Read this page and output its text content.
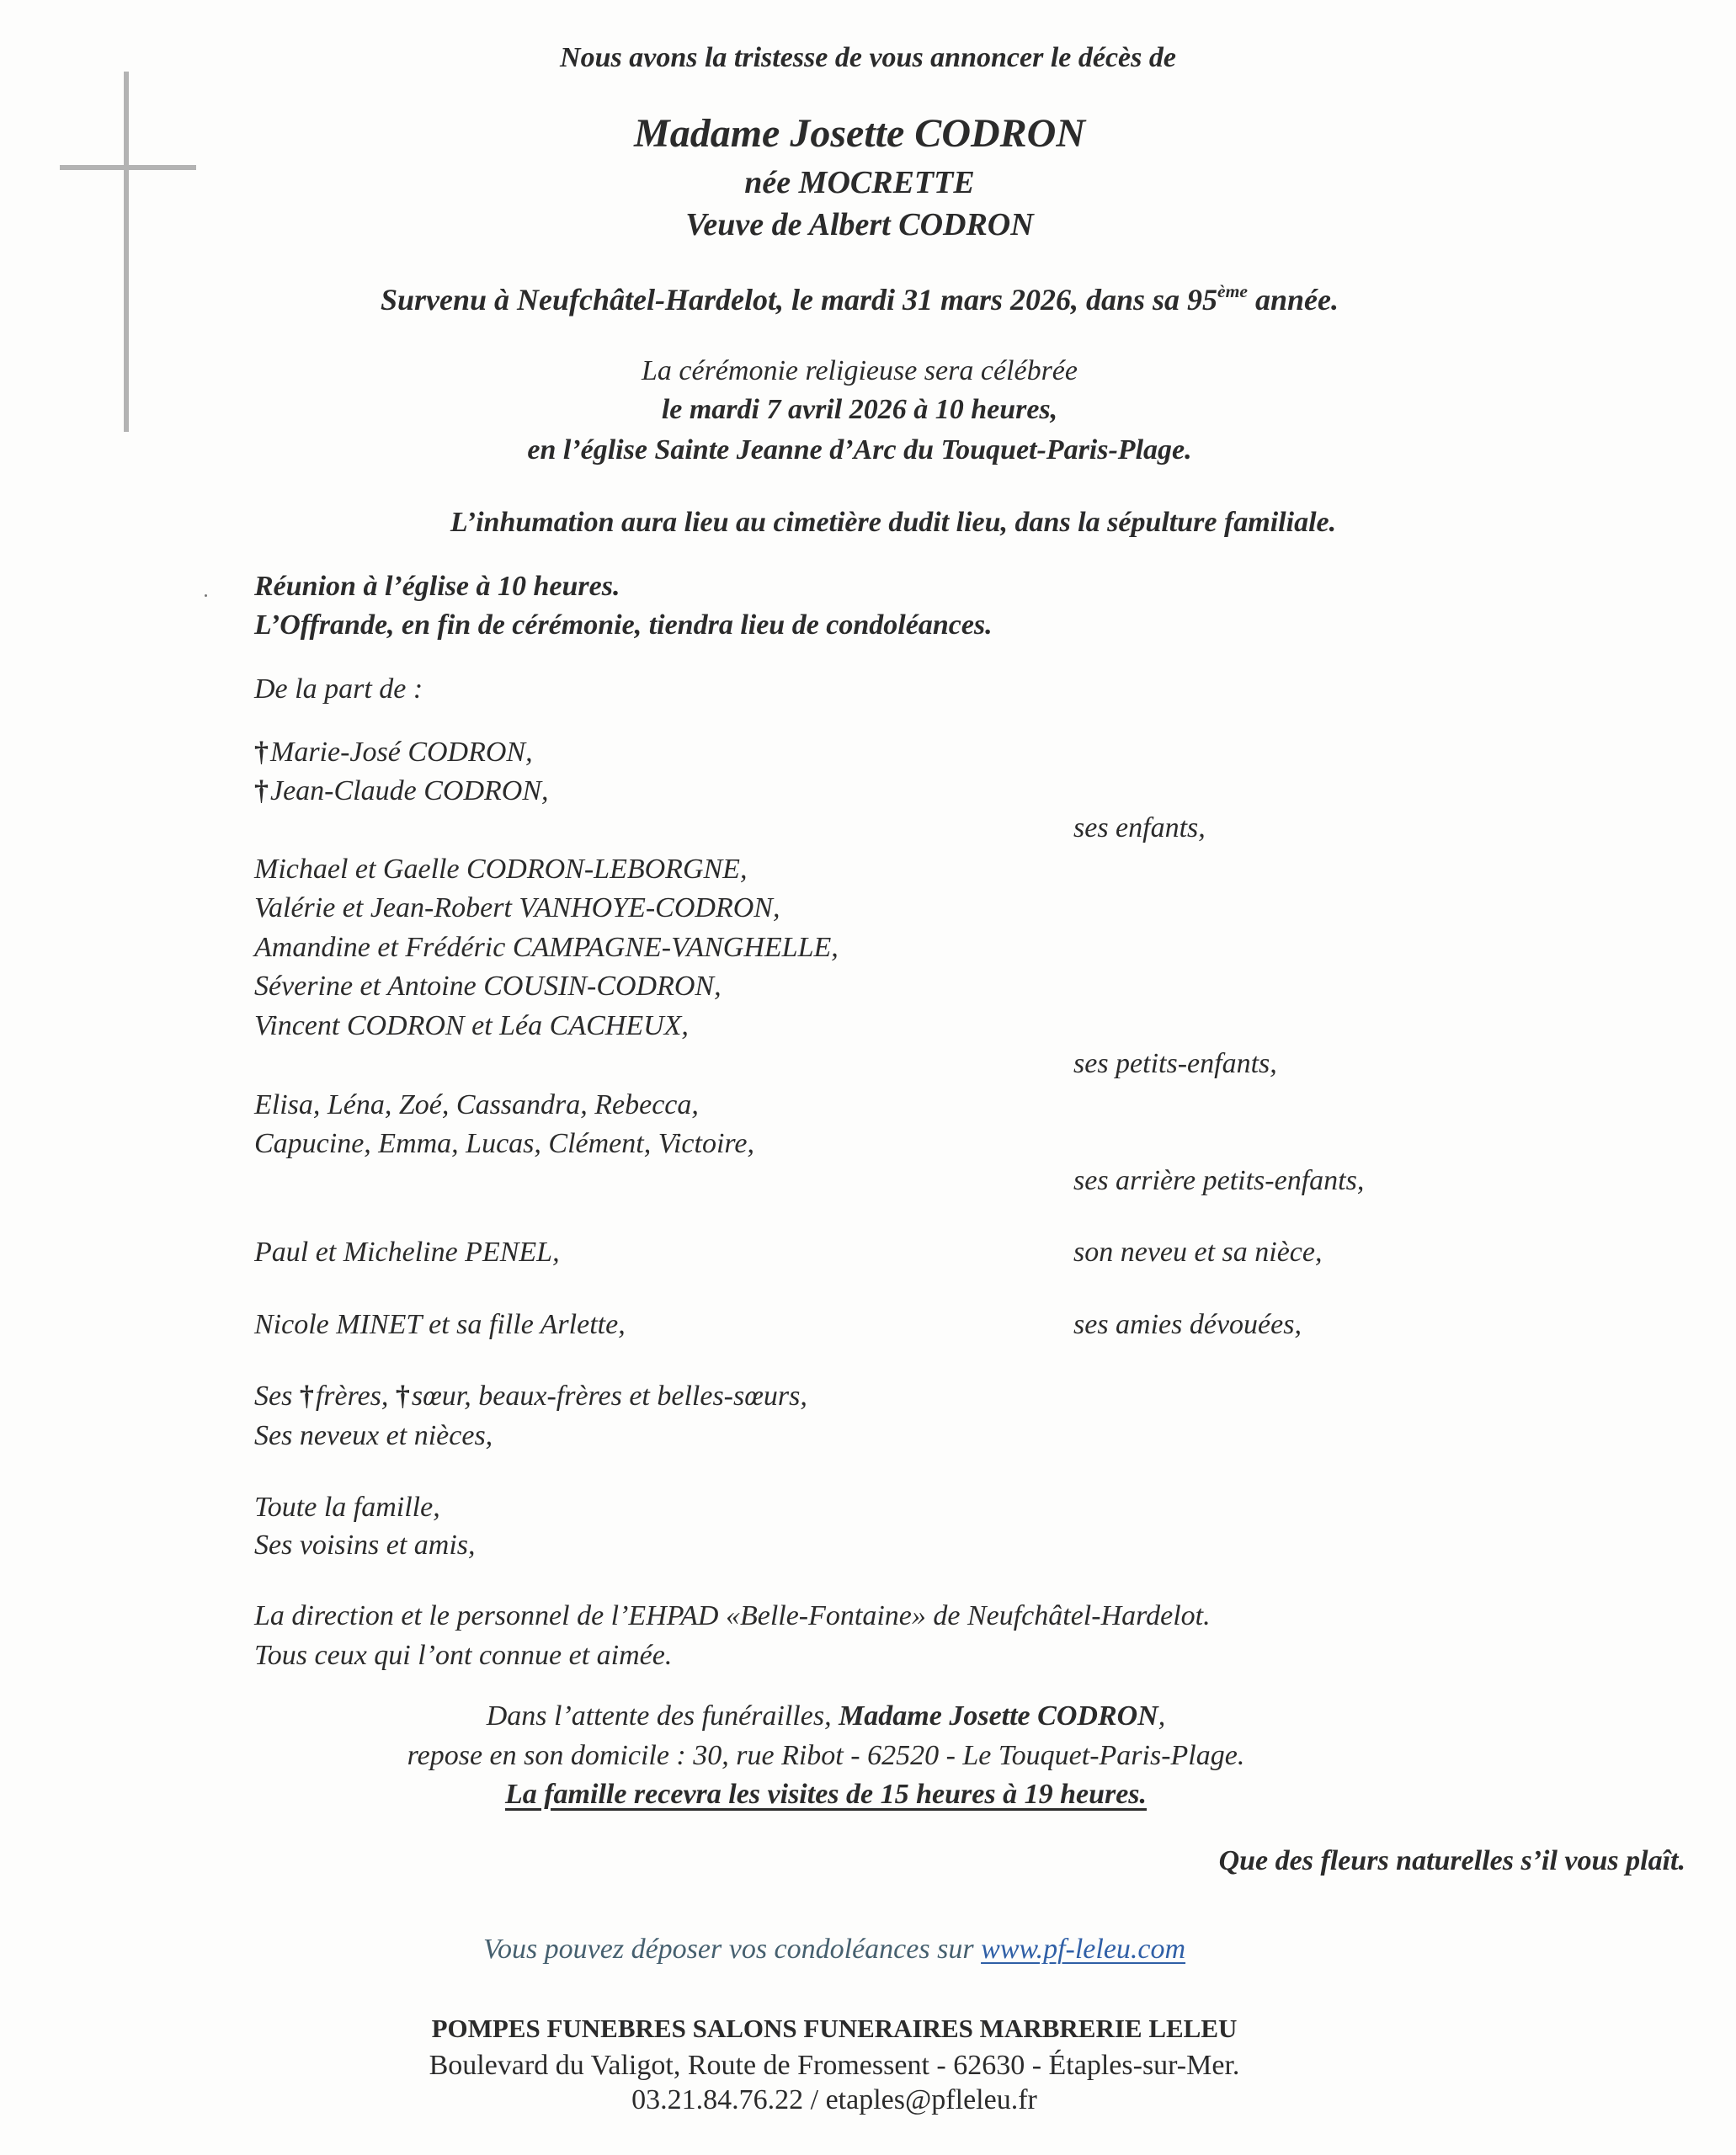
Nous avons la tristesse de vous annoncer le décès de
Madame Josette CODRON
née MOCRETTE
Veuve de Albert CODRON
Survenu à Neufchâtel-Hardelot, le mardi 31 mars 2026, dans sa 95ème année.
La cérémonie religieuse sera célébrée
le mardi 7 avril 2026 à 10 heures,
en l’église Sainte Jeanne d’Arc du Touquet-Paris-Plage.
L’inhumation aura lieu au cimetière dudit lieu, dans la sépulture familiale.
Réunion à l’église à 10 heures.
L’Offrande, en fin de cérémonie, tiendra lieu de condoléances.
De la part de :
†Marie-José CODRON,
†Jean-Claude CODRON,
ses enfants,
Michael et Gaelle CODRON-LEBORGNE,
Valérie et Jean-Robert VANHOYE-CODRON,
Amandine et Frédéric CAMPAGNE-VANGHELLE,
Séverine et Antoine COUSIN-CODRON,
Vincent CODRON et Léa CACHEUX,
ses petits-enfants,
Elisa, Léna, Zoé, Cassandra, Rebecca,
Capucine, Emma, Lucas, Clément, Victoire,
ses arrière petits-enfants,
Paul et Micheline PENEL,	son neveu et sa nièce,
Nicole MINET et sa fille Arlette,	ses amies dévouées,
Ses †frères, †sœur, beaux-frères et belles-sœurs,
Ses neveux et nièces,
Toute la famille,
Ses voisins et amis,
La direction et le personnel de l’EHPAD «Belle-Fontaine» de Neufchâtel-Hardelot.
Tous ceux qui l’ont connue et aimée.
Dans l’attente des funérailles, Madame Josette CODRON,
repose en son domicile : 30, rue Ribot - 62520 - Le Touquet-Paris-Plage.
La famille recevra les visites de 15 heures à 19 heures.
Que des fleurs naturelles s’il vous plaît.
Vous pouvez déposer vos condoléances sur www.pf-leleu.com
POMPES FUNEBRES SALONS FUNERAIRES MARBRERIE LELEU
Boulevard du Valigot, Route de Fromessent - 62630 - Étaples-sur-Mer.
03.21.84.76.22 / etaples@pfleleu.fr
